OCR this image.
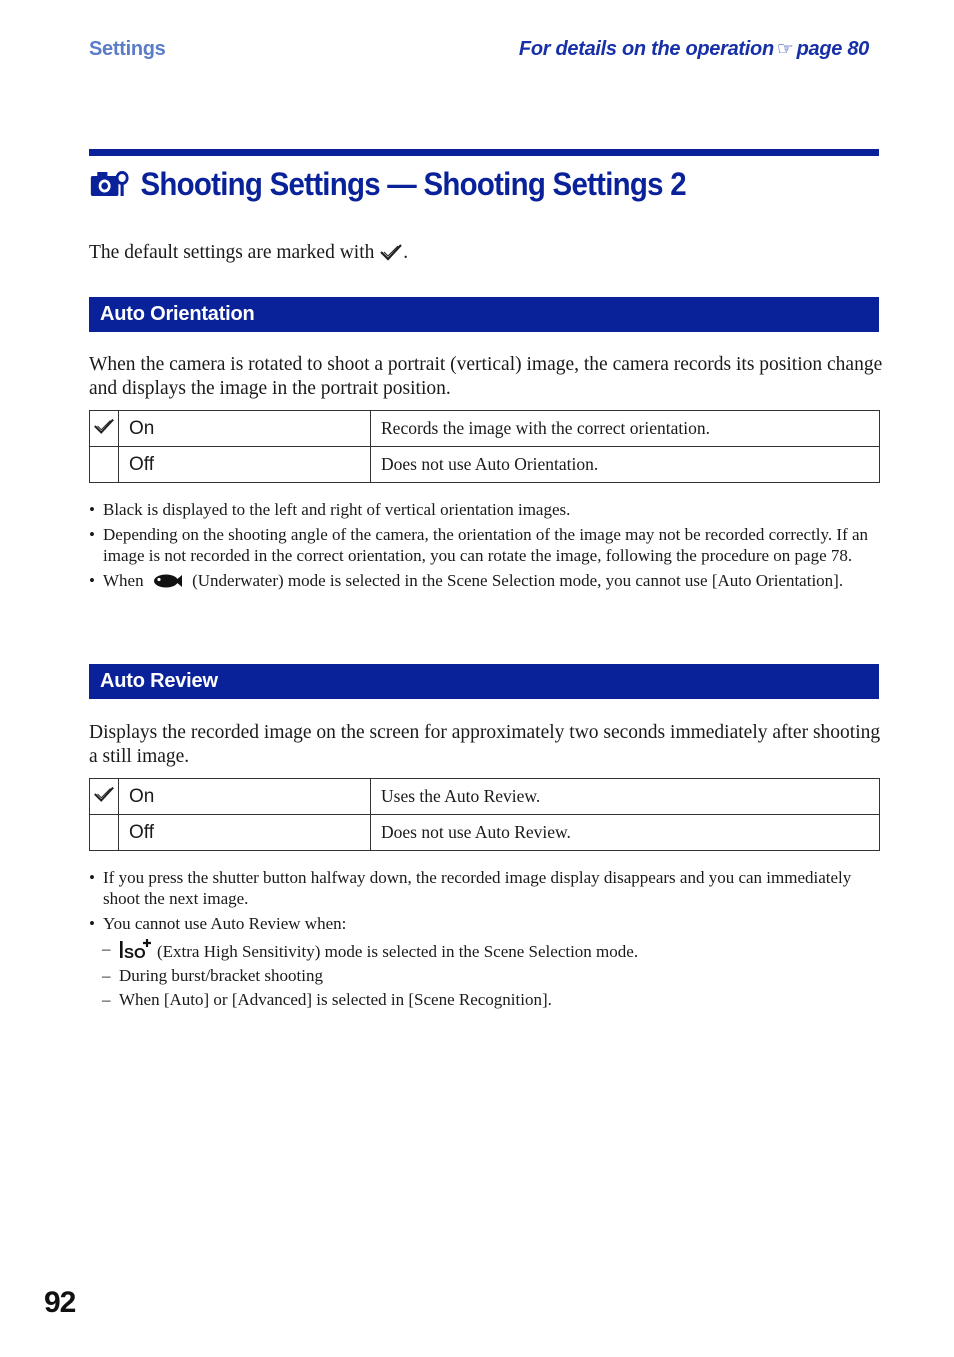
Settings	For details on the operation ☞ page 80
Shooting Settings — Shooting Settings 2
The default settings are marked with .
Auto Orientation
When the camera is rotated to shoot a portrait (vertical) image, the camera records its position change and displays the image in the portrait position.
	On	Records the image with the correct orientation.
	Off	Does not use Auto Orientation.
• Black is displayed to the left and right of vertical orientation images.
• Depending on the shooting angle of the camera, the orientation of the image may not be recorded correctly. If an image is not recorded in the correct orientation, you can rotate the image, following the procedure on page 78.
• When	(Underwater) mode is selected in the Scene Selection mode, you cannot use [Auto Orientation].
Auto Review
Displays the recorded image on the screen for approximately two seconds immediately after shooting a still image.
	On	Uses the Auto Review.
	Off	Does not use Auto Review.
• If you press the shutter button halfway down, the recorded image display disappears and you can immediately shoot the next image.
• You cannot use Auto Review when:
– SO (Extra High Sensitivity) mode is selected in the Scene Selection mode.
– During burst/bracket shooting
– When [Auto] or [Advanced] is selected in [Scene Recognition].
92
